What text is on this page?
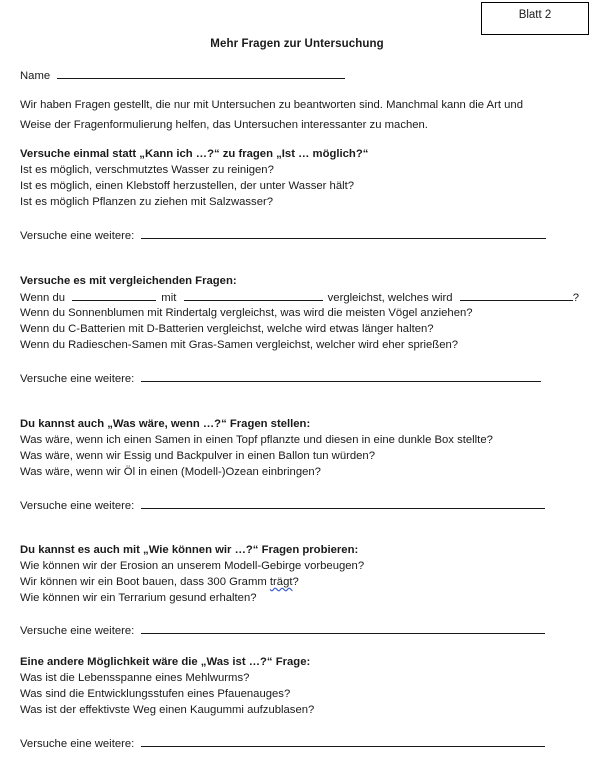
Blatt 2
Mehr Fragen zur Untersuchung
Name
Wir haben Fragen gestellt, die nur mit Untersuchen zu beantworten sind. Manchmal kann die Art und
Weise der Fragenformulierung helfen, das Untersuchen interessanter zu machen.
Versuche einmal statt „Kann ich …?“ zu fragen „Ist … möglich?“
Ist es möglich, verschmutztes Wasser zu reinigen?
Ist es möglich, einen Klebstoff herzustellen, der unter Wasser hält?
Ist es möglich Pflanzen zu ziehen mit Salzwasser?
Versuche eine weitere:
Versuche es mit vergleichenden Fragen:
Wenn du	mit	vergleichst, welches wird	?
Wenn du Sonnenblumen mit Rindertalg vergleichst, was wird die meisten Vögel anziehen?
Wenn du C-Batterien mit D-Batterien vergleichst, welche wird etwas länger halten?
Wenn du Radieschen-Samen mit Gras-Samen vergleichst, welcher wird eher sprießen?
Versuche eine weitere:
Du kannst auch „Was wäre, wenn …?“ Fragen stellen:
Was wäre, wenn ich einen Samen in einen Topf pflanzte und diesen in eine dunkle Box stellte?
Was wäre, wenn wir Essig und Backpulver in einen Ballon tun würden?
Was wäre, wenn wir Öl in einen (Modell-)Ozean einbringen?
Versuche eine weitere:
Du kannst es auch mit „Wie können wir …?“ Fragen probieren:
Wie können wir der Erosion an unserem Modell-Gebirge vorbeugen?
Wir können wir ein Boot bauen, dass 300 Gramm trägt?
Wie können wir ein Terrarium gesund erhalten?
Versuche eine weitere:
Eine andere Möglichkeit wäre die „Was ist …?“ Frage:
Was ist die Lebensspanne eines Mehlwurms?
Was sind die Entwicklungsstufen eines Pfauenauges?
Was ist der effektivste Weg einen Kaugummi aufzublasen?
Versuche eine weitere:
